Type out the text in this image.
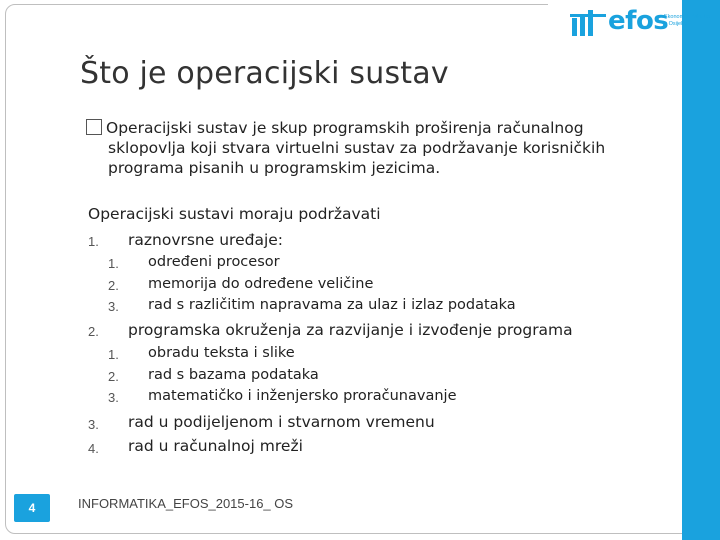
efos
Ekonomski fakultet
u Osijeku
Što je operacijski sustav
Operacijski sustav je skup programskih proširenja računalnog
sklopovlja koji stvara virtuelni sustav za podržavanje korisničkih
programa pisanih u programskim jezicima.
Operacijski sustavi moraju podržavati
1. raznovrsne uređaje:
1. određeni procesor
2. memorija do određene veličine
3. rad s različitim napravama za ulaz i izlaz podataka
2. programska okruženja za razvijanje i izvođenje programa
1. obradu teksta i slike
2. rad s bazama podataka
3. matematičko i inženjersko proračunavanje
3. rad u podijeljenom i stvarnom vremenu
4. rad u računalnoj mreži
4	INFORMATIKA_EFOS_2015-16_ OS
